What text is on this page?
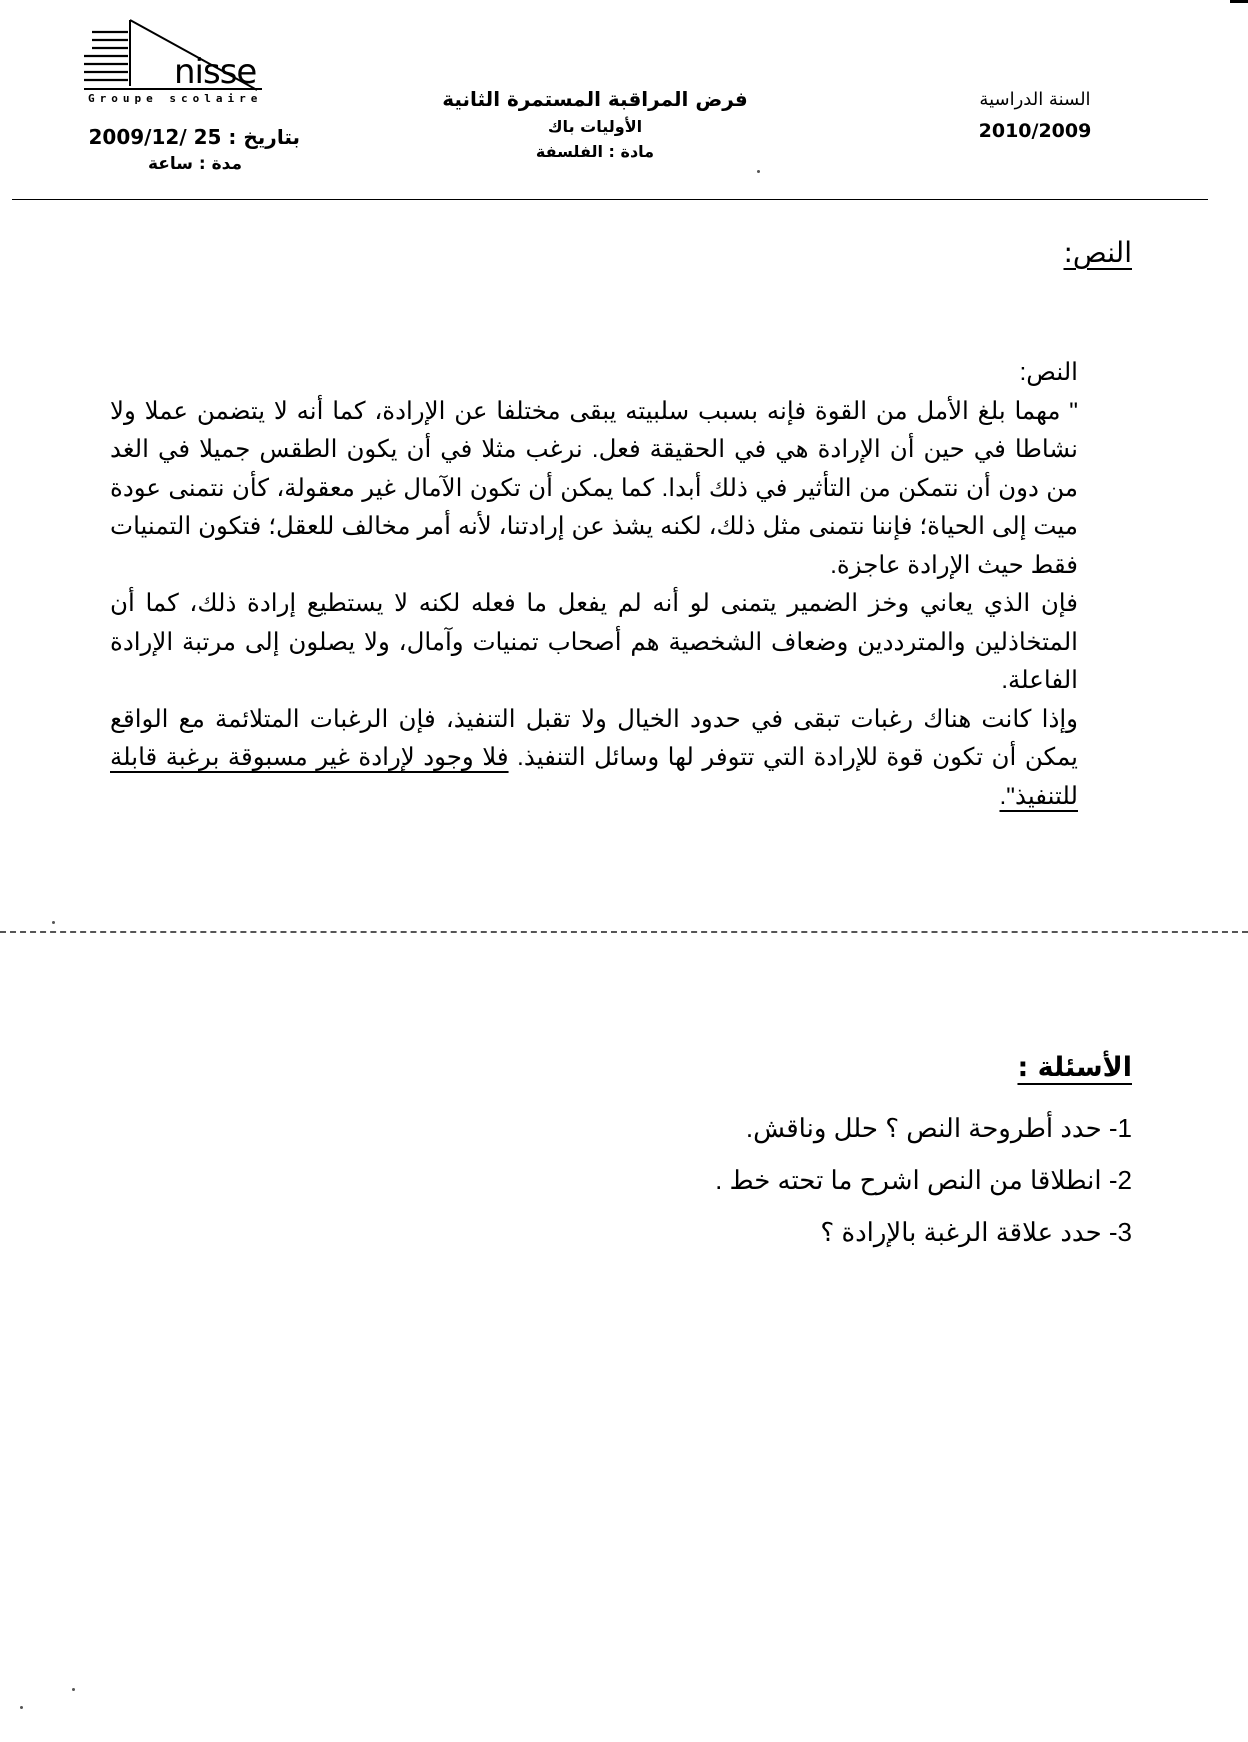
nisse
Groupe scolaire
بتاريخ : 25 /2009/12
مدة : ساعة
فرض المراقبة المستمرة الثانية
الأوليات باك
مادة : الفلسفة
السنة الدراسية
2010/2009
النص:

النص:

" مهما بلغ الأمل من القوة فإنه بسبب سلبيته يبقى مختلفا عن الإرادة، كما أنه لا يتضمن عملا ولا نشاطا في حين أن الإرادة هي في الحقيقة فعل. نرغب مثلا في أن يكون الطقس جميلا في الغد من دون أن نتمكن من التأثير في ذلك أبدا. كما يمكن أن تكون الآمال غير معقولة، كأن نتمنى عودة ميت إلى الحياة؛ فإننا نتمنى مثل ذلك، لكنه يشذ عن إرادتنا، لأنه أمر مخالف للعقل؛ فتكون التمنيات فقط حيث الإرادة عاجزة.

فإن الذي يعاني وخز الضمير يتمنى لو أنه لم يفعل ما فعله لكنه لا يستطيع إرادة ذلك، كما أن المتخاذلين والمترددين وضعاف الشخصية هم أصحاب تمنيات وآمال، ولا يصلون إلى مرتبة الإرادة الفاعلة.

وإذا كانت هناك رغبات تبقى في حدود الخيال ولا تقبل التنفيذ، فإن الرغبات المتلائمة مع الواقع يمكن أن تكون قوة للإرادة التي تتوفر لها وسائل التنفيذ. فلا وجود لإرادة غير مسبوقة برغبة قابلة للتنفيذ".

الأسئلة :
1- حدد أطروحة النص ؟ حلل وناقش.
2- انطلاقا من النص اشرح ما تحته خط .
3- حدد علاقة الرغبة بالإرادة ؟
